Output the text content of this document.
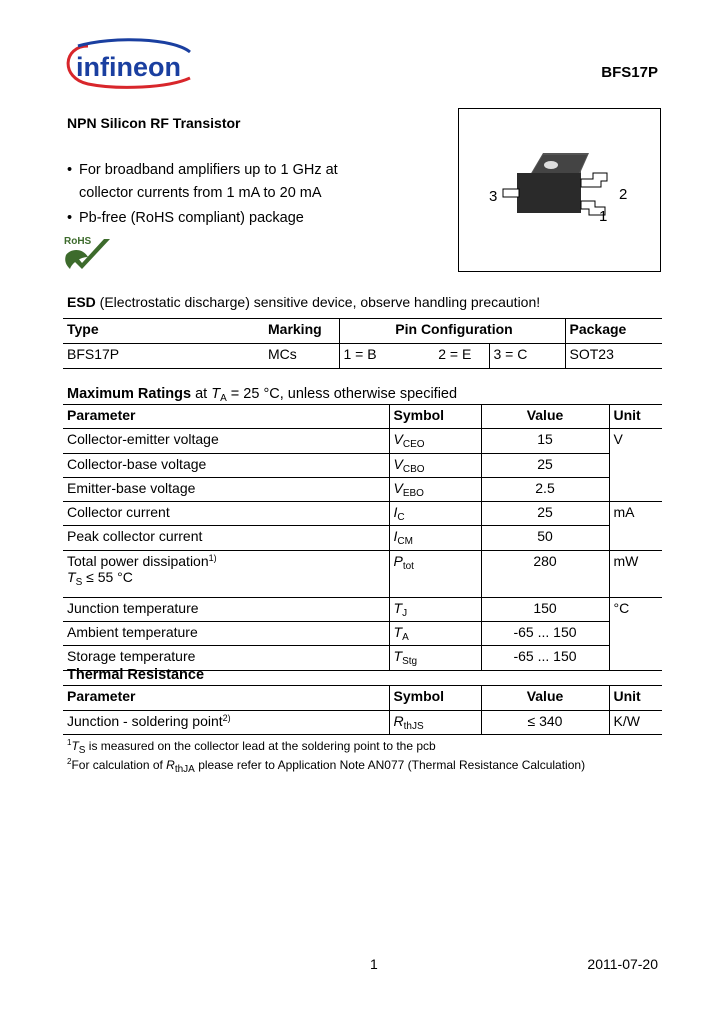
infineon	BFS17P
NPN Silicon RF Transistor
• For broadband amplifiers up to 1 GHz at
collector currents from 1 mA to 20 mA
• Pb-free (RoHS compliant) package
RoHS
3	2
1
ESD (Electrostatic discharge) sensitive device, observe handling precaution!
Type	Marking	Pin Configuration			Package
BFS17P	MCs	1 = B	2 = E	3 = C	SOT23
Maximum Ratings at $T_A = 25$ °C, unless otherwise specified
Parameter	Symbol	Value	Unit
Collector-emitter voltage	$V_{CEO}$	15	V
Collector-base voltage	$V_{CBO}$	25	
Emitter-base voltage	$V_{EBO}$	2.5	
Collector current	$I_C$	25	mA
Peak collector current	$I_{CM}$	50	
Total power dissipation$^{1)}$
$T_S \le 55$ °C	$P_{tot}$	280	mW
Junction temperature	$T_J$	150	°C
Ambient temperature	$T_A$	-65 ... 150	
Storage temperature	$T_{Stg}$	-65 ... 150	
Thermal Resistance
Parameter	Symbol	Value	Unit
Junction - soldering point$^{2)}$	$R_{thJS}$	≤ 340	K/W
$^1T_S$ is measured on the collector lead at the soldering point to the pcb
$^2$For calculation of $R_{thJA}$ please refer to Application Note AN077 (Thermal Resistance Calculation)
1	2011-07-20
